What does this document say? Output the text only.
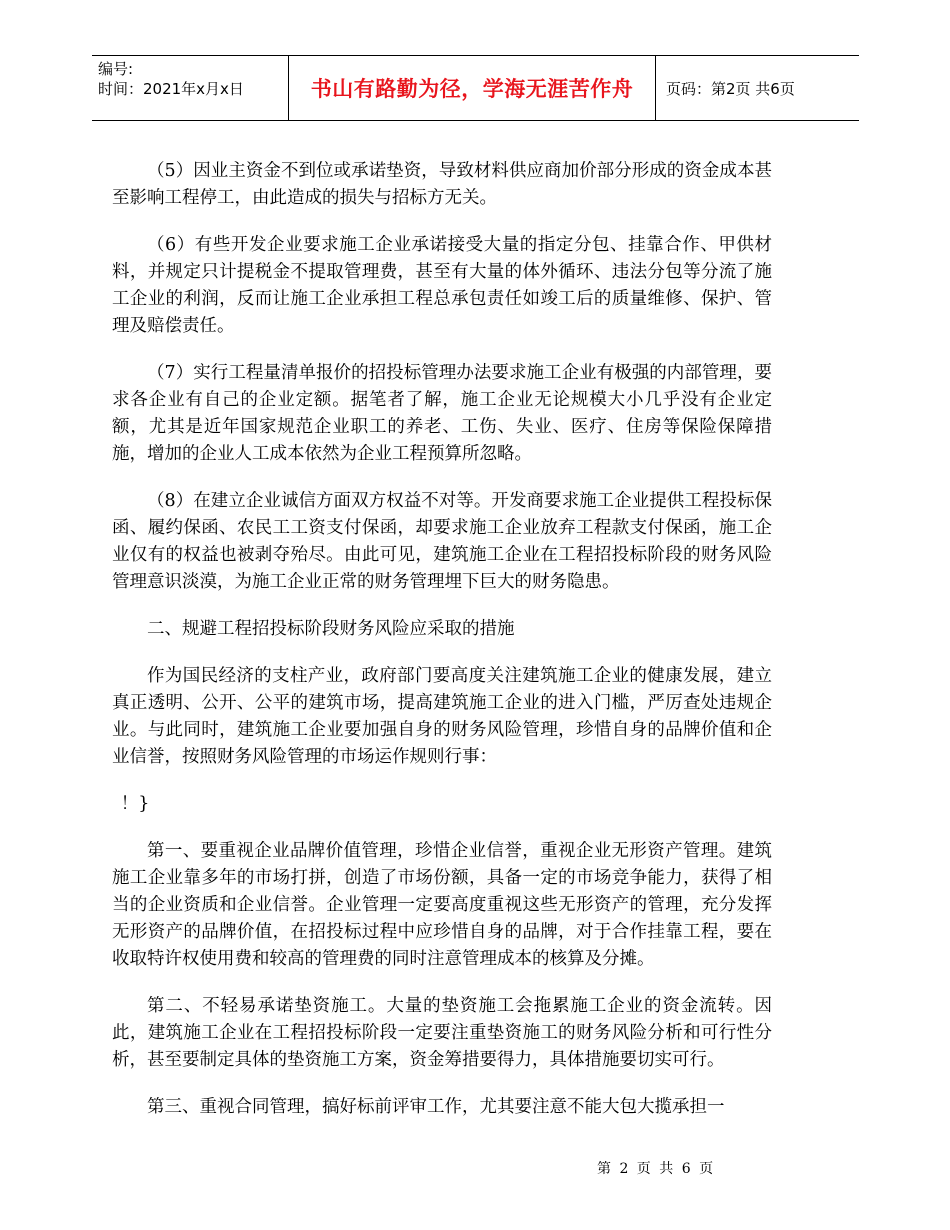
编号:
时间：2021年x月x日	书山有路勤为径，学海无涯苦作舟	页码：第2页 共6页

（5）因业主资金不到位或承诺垫资，导致材料供应商加价部分形成的资金成本甚至影响工程停工，由此造成的损失与招标方无关。

（6）有些开发企业要求施工企业承诺接受大量的指定分包、挂靠合作、甲供材料，并规定只计提税金不提取管理费，甚至有大量的体外循环、违法分包等分流了施工企业的利润，反而让施工企业承担工程总承包责任如竣工后的质量维修、保护、管理及赔偿责任。

（7）实行工程量清单报价的招投标管理办法要求施工企业有极强的内部管理，要求各企业有自己的企业定额。据笔者了解，施工企业无论规模大小几乎没有企业定额，尤其是近年国家规范企业职工的养老、工伤、失业、医疗、住房等保险保障措施，增加的企业人工成本依然为企业工程预算所忽略。

（8）在建立企业诚信方面双方权益不对等。开发商要求施工企业提供工程投标保函、履约保函、农民工工资支付保函，却要求施工企业放弃工程款支付保函，施工企业仅有的权益也被剥夺殆尽。由此可见，建筑施工企业在工程招投标阶段的财务风险管理意识淡漠，为施工企业正常的财务管理埋下巨大的财务隐患。

二、规避工程招投标阶段财务风险应采取的措施

作为国民经济的支柱产业，政府部门要高度关注建筑施工企业的健康发展，建立真正透明、公开、公平的建筑市场，提高建筑施工企业的进入门槛，严厉查处违规企业。与此同时，建筑施工企业要加强自身的财务风险管理，珍惜自身的品牌价值和企业信誉，按照财务风险管理的市场运作规则行事：

！}

第一、要重视企业品牌价值管理，珍惜企业信誉，重视企业无形资产管理。建筑施工企业靠多年的市场打拼，创造了市场份额，具备一定的市场竞争能力，获得了相当的企业资质和企业信誉。企业管理一定要高度重视这些无形资产的管理，充分发挥无形资产的品牌价值，在招投标过程中应珍惜自身的品牌，对于合作挂靠工程，要在收取特许权使用费和较高的管理费的同时注意管理成本的核算及分摊。

第二、不轻易承诺垫资施工。大量的垫资施工会拖累施工企业的资金流转。因此，建筑施工企业在工程招投标阶段一定要注重垫资施工的财务风险分析和可行性分析，甚至要制定具体的垫资施工方案，资金筹措要得力，具体措施要切实可行。

第三、重视合同管理，搞好标前评审工作，尤其要注意不能大包大揽承担一

第 2 页 共 6 页
